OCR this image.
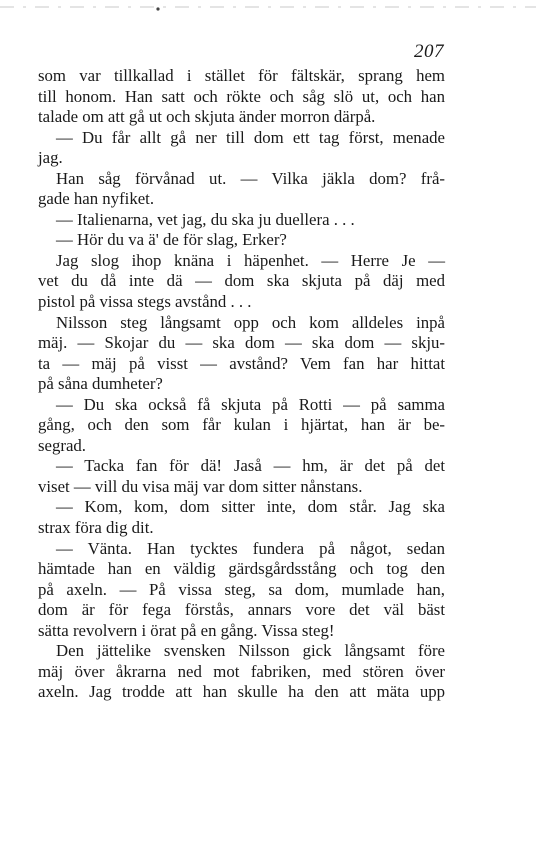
207
som var tillkallad i stället för fältskär, sprang hem
till honom. Han satt och rökte och såg slö ut, och han
talade om att gå ut och skjuta änder morron därpå.
— Du får allt gå ner till dom ett tag först, menade
jag.
Han såg förvånad ut. — Vilka jäkla dom? frå-
gade han nyfiket.
— Italienarna, vet jag, du ska ju duellera . . .
— Hör du va ä' de för slag, Erker?
Jag slog ihop knäna i häpenhet. — Herre Je —
vet du då inte dä — dom ska skjuta på däj med
pistol på vissa stegs avstånd . . .
Nilsson steg långsamt opp och kom alldeles inpå
mäj. — Skojar du — ska dom — ska dom — skju-
ta — mäj på visst — avstånd? Vem fan har hittat
på såna dumheter?
— Du ska också få skjuta på Rotti — på samma
gång, och den som får kulan i hjärtat, han är be-
segrad.
— Tacka fan för dä! Jaså — hm, är det på det
viset — vill du visa mäj var dom sitter nånstans.
— Kom, kom, dom sitter inte, dom står. Jag ska
strax föra dig dit.
— Vänta. Han tycktes fundera på något, sedan
hämtade han en väldig gärdsgårdsstång och tog den
på axeln. — På vissa steg, sa dom, mumlade han,
dom är för fega förstås, annars vore det väl bäst
sätta revolvern i örat på en gång. Vissa steg!
Den jättelike svensken Nilsson gick långsamt före
mäj över åkrarna ned mot fabriken, med stören över
axeln. Jag trodde att han skulle ha den att mäta upp
